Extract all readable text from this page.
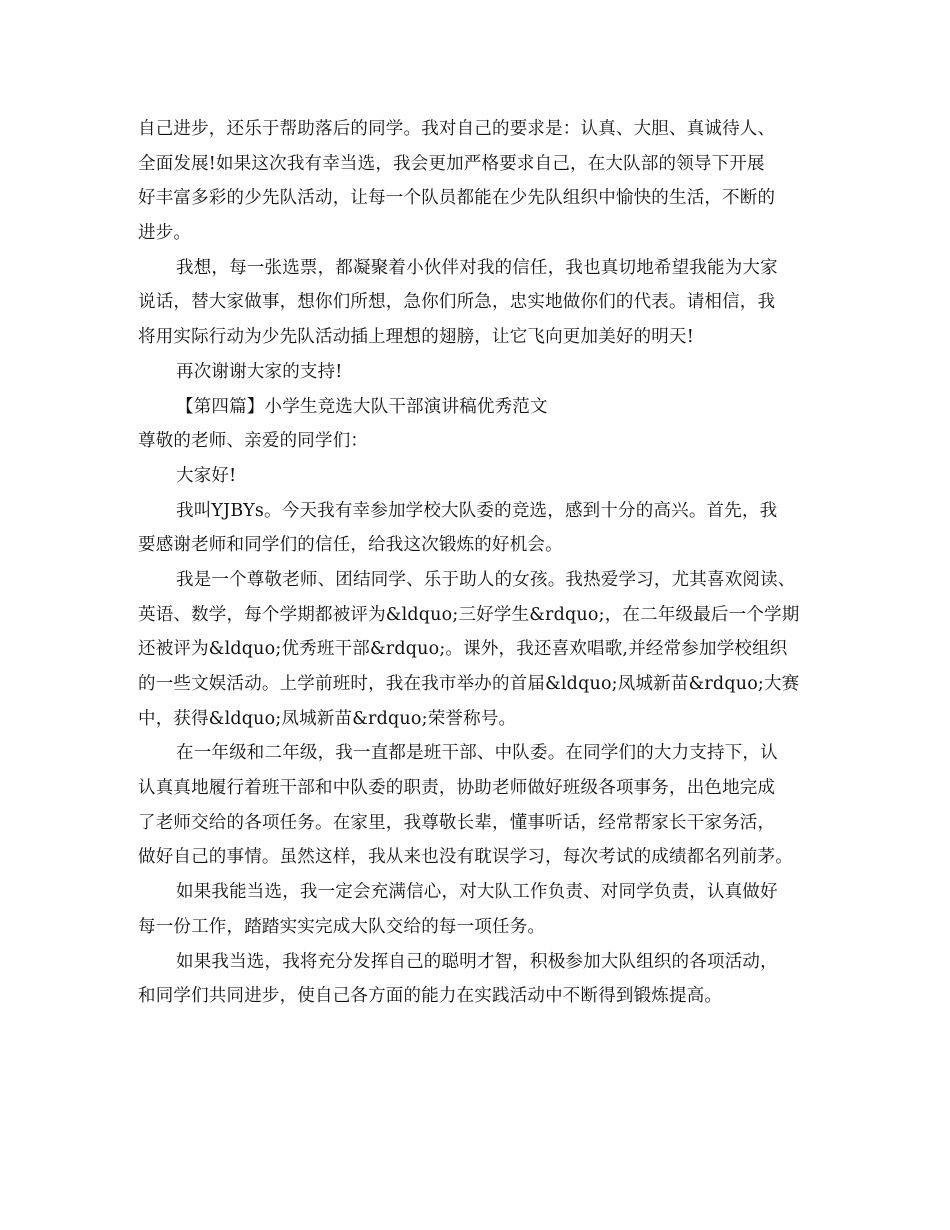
自己进步，还乐于帮助落后的同学。我对自己的要求是：认真、大胆、真诚待人、
全面发展!如果这次我有幸当选，我会更加严格要求自己，在大队部的领导下开展
好丰富多彩的少先队活动，让每一个队员都能在少先队组织中愉快的生活，不断的
进步。
我想，每一张选票，都凝聚着小伙伴对我的信任，我也真切地希望我能为大家
说话，替大家做事，想你们所想，急你们所急，忠实地做你们的代表。请相信，我
将用实际行动为少先队活动插上理想的翅膀，让它飞向更加美好的明天!
再次谢谢大家的支持!
【第四篇】小学生竞选大队干部演讲稿优秀范文
尊敬的老师、亲爱的同学们：
大家好!
我叫YJBYs。今天我有幸参加学校大队委的竞选，感到十分的高兴。首先，我
要感谢老师和同学们的信任，给我这次锻炼的好机会。
我是一个尊敬老师、团结同学、乐于助人的女孩。我热爱学习，尤其喜欢阅读、
英语、数学，每个学期都被评为&ldquo;三好学生&rdquo;，在二年级最后一个学期
还被评为&ldquo;优秀班干部&rdquo;。课外，我还喜欢唱歌,并经常参加学校组织
的一些文娱活动。上学前班时，我在我市举办的首届&ldquo;凤城新苗&rdquo;大赛
中，获得&ldquo;凤城新苗&rdquo;荣誉称号。
在一年级和二年级，我一直都是班干部、中队委。在同学们的大力支持下，认
认真真地履行着班干部和中队委的职责，协助老师做好班级各项事务，出色地完成
了老师交给的各项任务。在家里，我尊敬长辈，懂事听话，经常帮家长干家务活，
做好自己的事情。虽然这样，我从来也没有耽误学习，每次考试的成绩都名列前茅。
如果我能当选，我一定会充满信心，对大队工作负责、对同学负责，认真做好
每一份工作，踏踏实实完成大队交给的每一项任务。
如果我当选，我将充分发挥自己的聪明才智，积极参加大队组织的各项活动，
和同学们共同进步，使自己各方面的能力在实践活动中不断得到锻炼提高。
